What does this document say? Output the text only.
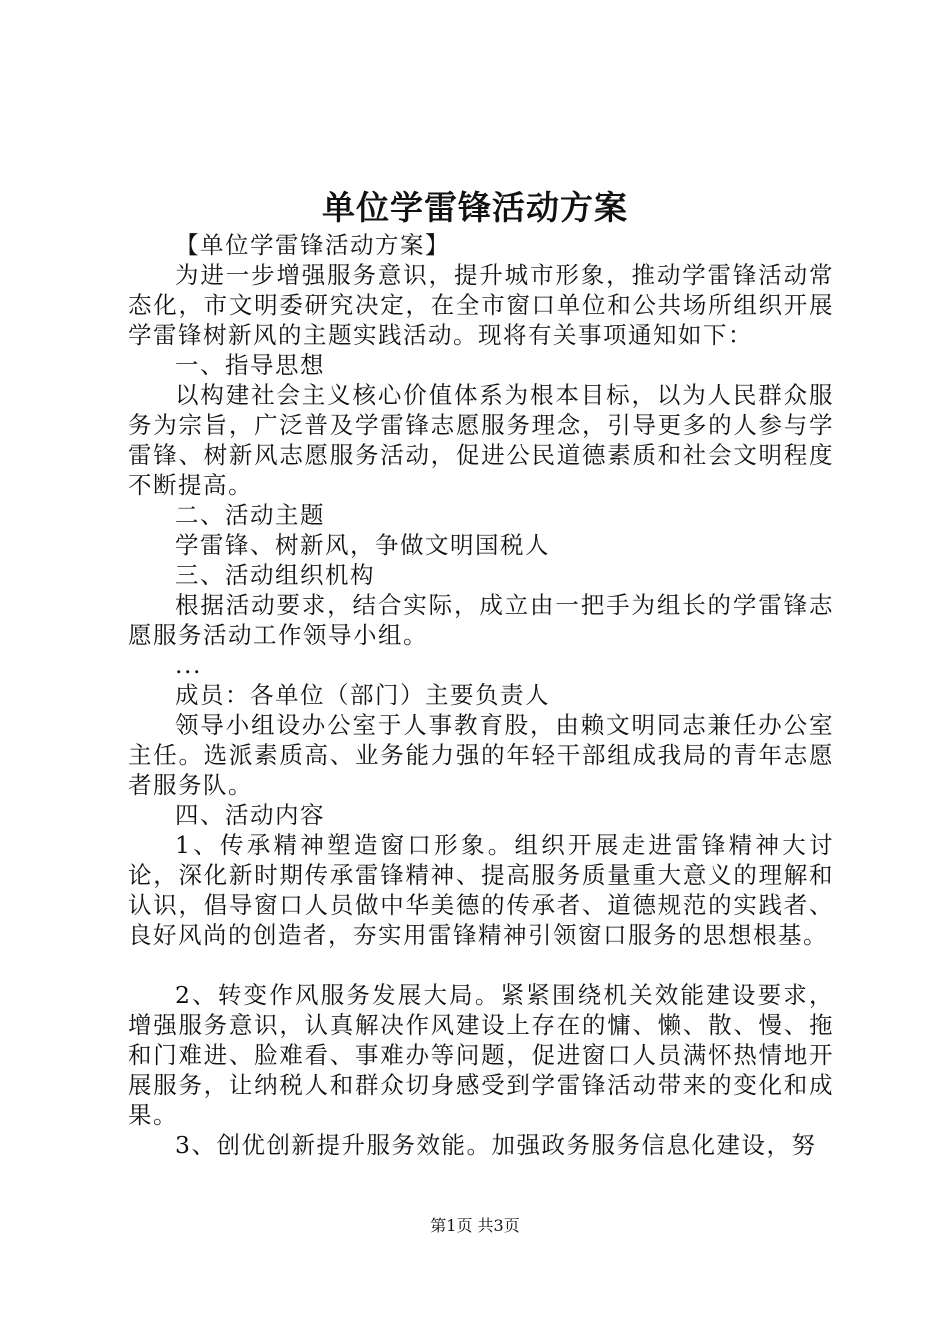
单位学雷锋活动方案

【单位学雷锋活动方案】

为进一步增强服务意识，提升城市形象，推动学雷锋活动常态化，市文明委研究决定，在全市窗口单位和公共场所组织开展学雷锋树新风的主题实践活动。现将有关事项通知如下：

一、指导思想

以构建社会主义核心价值体系为根本目标，以为人民群众服务为宗旨，广泛普及学雷锋志愿服务理念，引导更多的人参与学雷锋、树新风志愿服务活动，促进公民道德素质和社会文明程度不断提高。

二、活动主题

学雷锋、树新风，争做文明国税人

三、活动组织机构

根据活动要求，结合实际，成立由一把手为组长的学雷锋志愿服务活动工作领导小组。

...

成员：各单位（部门）主要负责人

领导小组设办公室于人事教育股，由赖文明同志兼任办公室主任。选派素质高、业务能力强的年轻干部组成我局的青年志愿者服务队。

四、活动内容

1、传承精神塑造窗口形象。组织开展走进雷锋精神大讨论，深化新时期传承雷锋精神、提高服务质量重大意义的理解和认识，倡导窗口人员做中华美德的传承者、道德规范的实践者、良好风尚的创造者，夯实用雷锋精神引领窗口服务的思想根基。

2、转变作风服务发展大局。紧紧围绕机关效能建设要求，增强服务意识，认真解决作风建设上存在的慵、懒、散、慢、拖和门难进、脸难看、事难办等问题，促进窗口人员满怀热情地开展服务，让纳税人和群众切身感受到学雷锋活动带来的变化和成果。

3、创优创新提升服务效能。加强政务服务信息化建设，努

第1页 共3页
